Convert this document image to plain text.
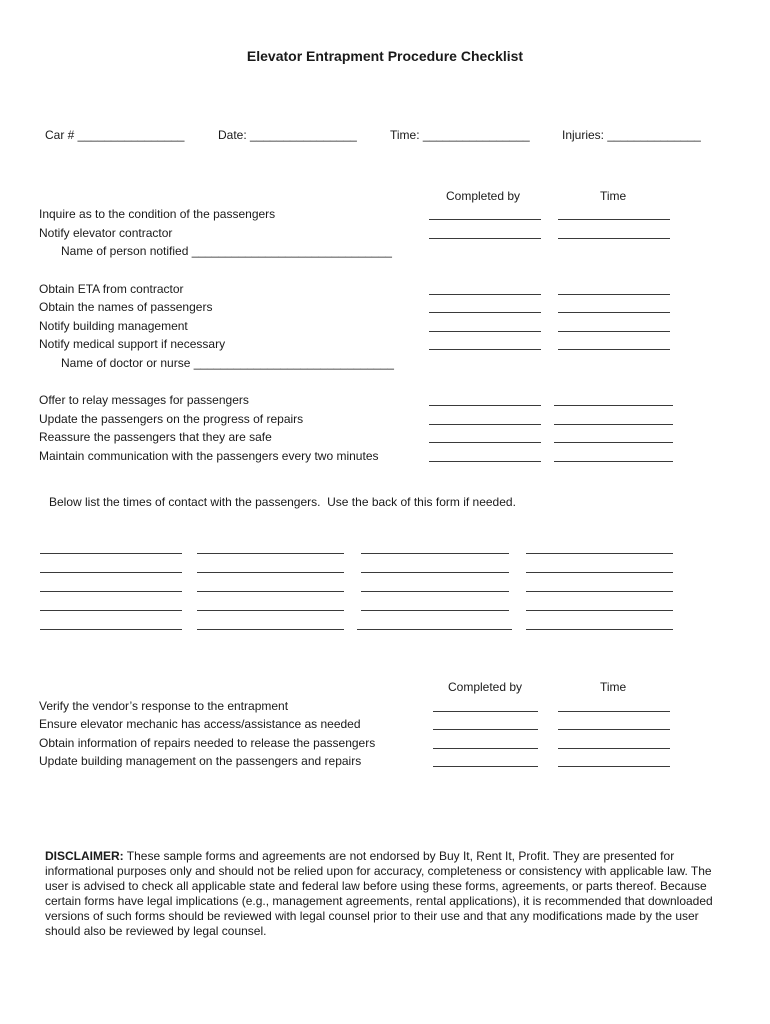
Elevator Entrapment Procedure Checklist
Car # ________________	Date: ________________	Time: ________________	Injuries: ______________
Completed by	Time
Inquire as to the condition of the passengers
Notify elevator contractor
Name of person notified ______________________________
Obtain ETA from contractor
Obtain the names of passengers
Notify building management
Notify medical support if necessary
Name of doctor or nurse ______________________________
Offer to relay messages for passengers
Update the passengers on the progress of repairs
Reassure the passengers that they are safe
Maintain communication with the passengers every two minutes
Below list the times of contact with the passengers.  Use the back of this form if needed.
Completed by	Time
Verify the vendor’s response to the entrapment
Ensure elevator mechanic has access/assistance as needed
Obtain information of repairs needed to release the passengers
Update building management on the passengers and repairs
DISCLAIMER: These sample forms and agreements are not endorsed by Buy It, Rent It, Profit. They are presented for informational purposes only and should not be relied upon for accuracy, completeness or consistency with applicable law. The user is advised to check all applicable state and federal law before using these forms, agreements, or parts thereof. Because certain forms have legal implications (e.g., management agreements, rental applications), it is recommended that downloaded versions of such forms should be reviewed with legal counsel prior to their use and that any modifications made by the user should also be reviewed by legal counsel.
